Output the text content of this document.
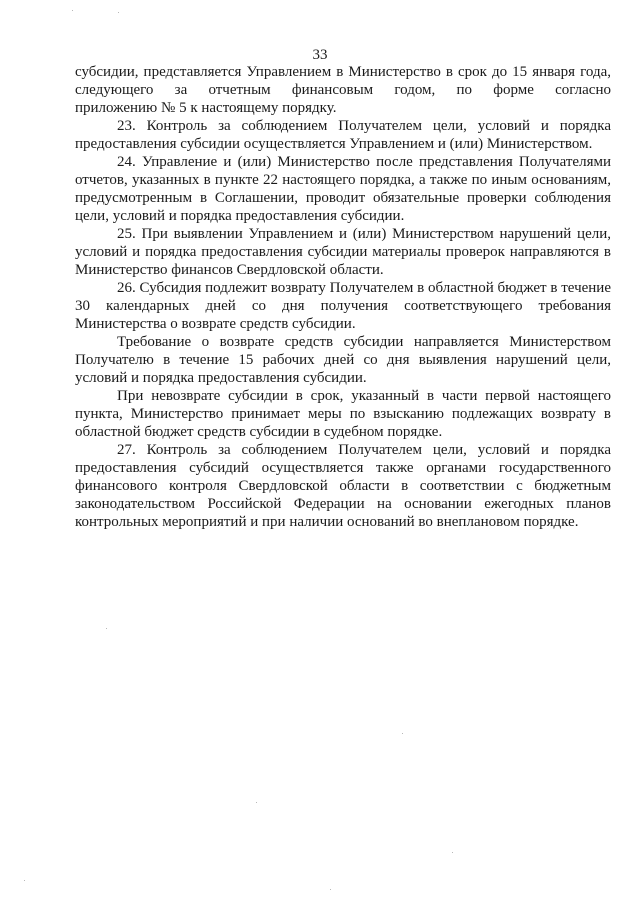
33

субсидии, представляется Управлением в Министерство в срок до 15 января года,

следующего за отчетным финансовым годом, по форме согласно

приложению № 5 к настоящему порядку.

23. Контроль за соблюдением Получателем цели, условий и порядка предоставления субсидии осуществляется Управлением и (или) Министерством.

24. Управление и (или) Министерство после представления Получателями отчетов, указанных в пункте 22 настоящего порядка, а также по иным основаниям, предусмотренным в Соглашении, проводит обязательные проверки соблюдения цели, условий и порядка предоставления субсидии.

25. При выявлении Управлением и (или) Министерством нарушений цели, условий и порядка предоставления субсидии материалы проверок направляются в Министерство финансов Свердловской области.

26. Субсидия подлежит возврату Получателем в областной бюджет в течение 30 календарных дней со дня получения соответствующего требования Министерства о возврате средств субсидии.

Требование о возврате средств субсидии направляется Министерством Получателю в течение 15 рабочих дней со дня выявления нарушений цели, условий и порядка предоставления субсидии.

При невозврате субсидии в срок, указанный в части первой настоящего пункта, Министерство принимает меры по взысканию подлежащих возврату в областной бюджет средств субсидии в судебном порядке.

27. Контроль за соблюдением Получателем цели, условий и порядка предоставления субсидий осуществляется также органами государственного финансового контроля Свердловской области в соответствии с бюджетным законодательством Российской Федерации на основании ежегодных планов контрольных мероприятий и при наличии оснований во внеплановом порядке.
